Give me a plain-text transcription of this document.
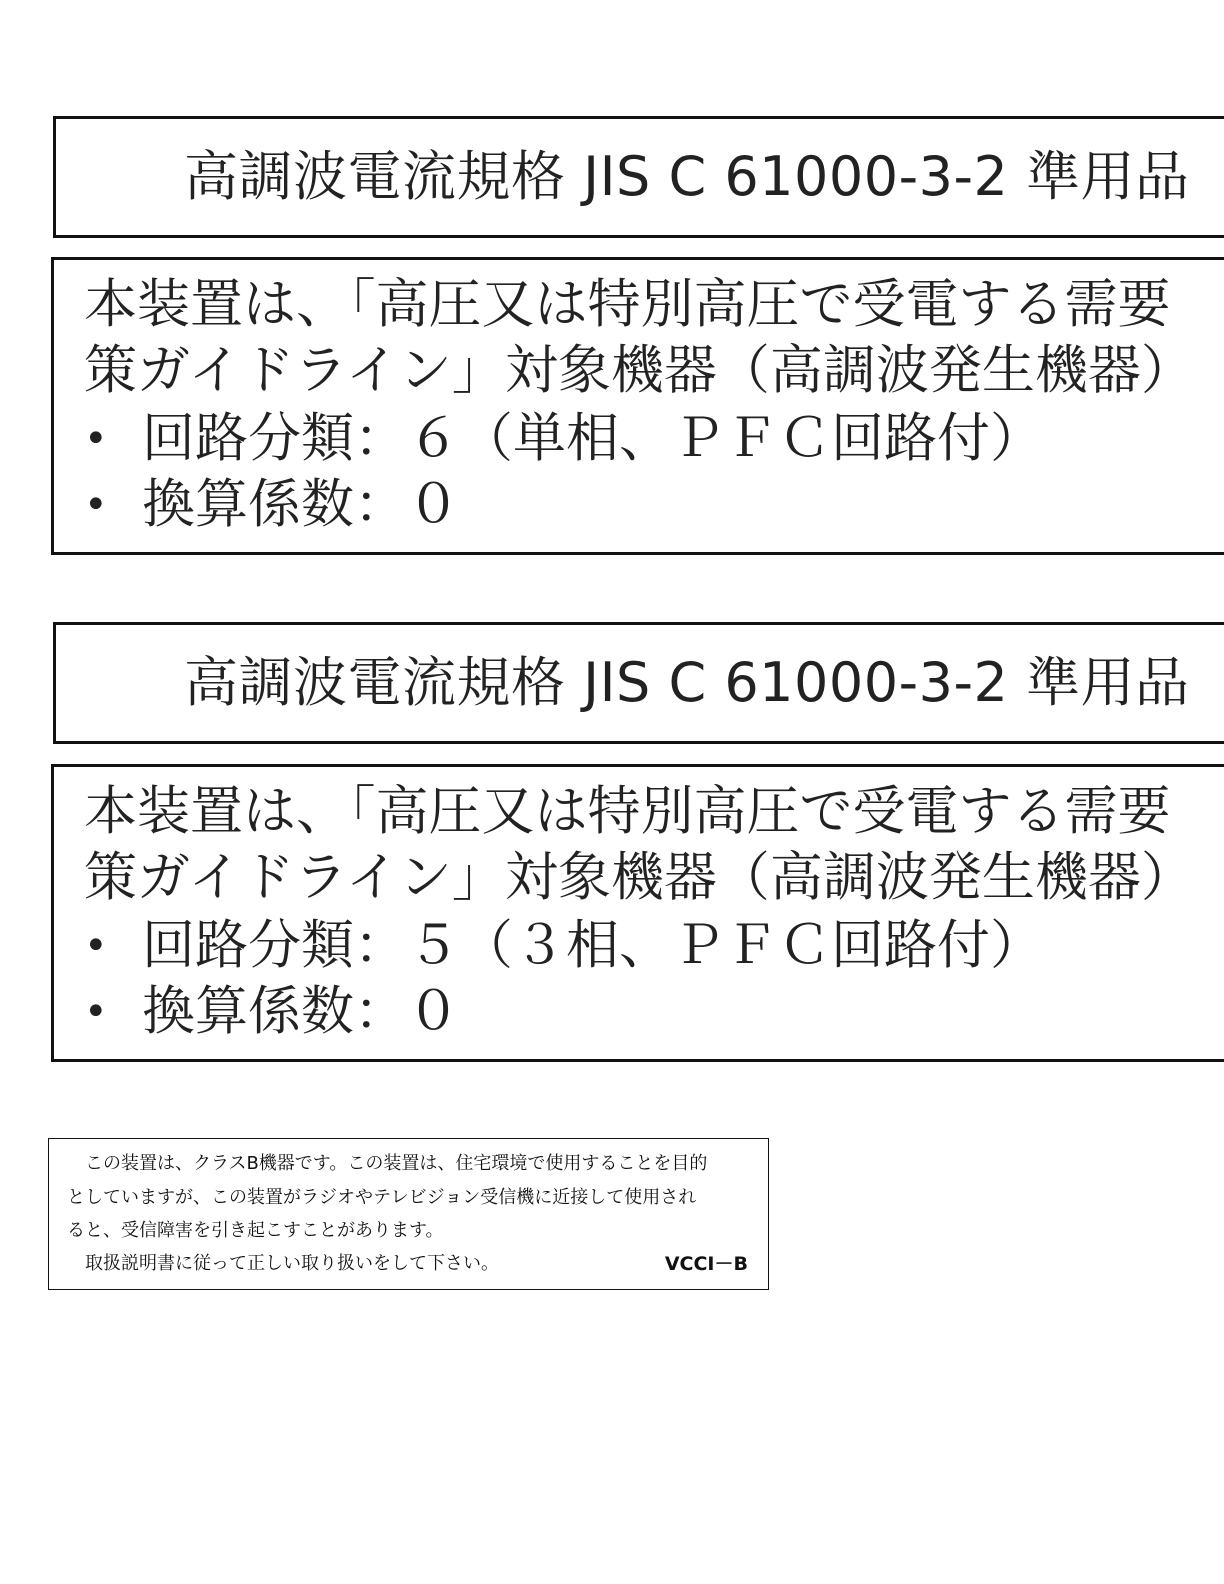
高調波電流規格 JIS C 61000-3-2 準用品
本装置は、「高圧又は特別高圧で受電する需要
策ガイドライン」対象機器（高調波発生機器）
• 回路分類：６（単相、ＰＦＣ回路付）
• 換算係数：０
高調波電流規格 JIS C 61000-3-2 準用品
本装置は、「高圧又は特別高圧で受電する需要
策ガイドライン」対象機器（高調波発生機器）
• 回路分類：５（３相、ＰＦＣ回路付）
• 換算係数：０
　この装置は、クラスB機器です。この装置は、住宅環境で使用することを目的
としていますが、この装置がラジオやテレビジョン受信機に近接して使用され
ると、受信障害を引き起こすことがあります。
　取扱説明書に従って正しい取り扱いをして下さい。	VCCI－B
